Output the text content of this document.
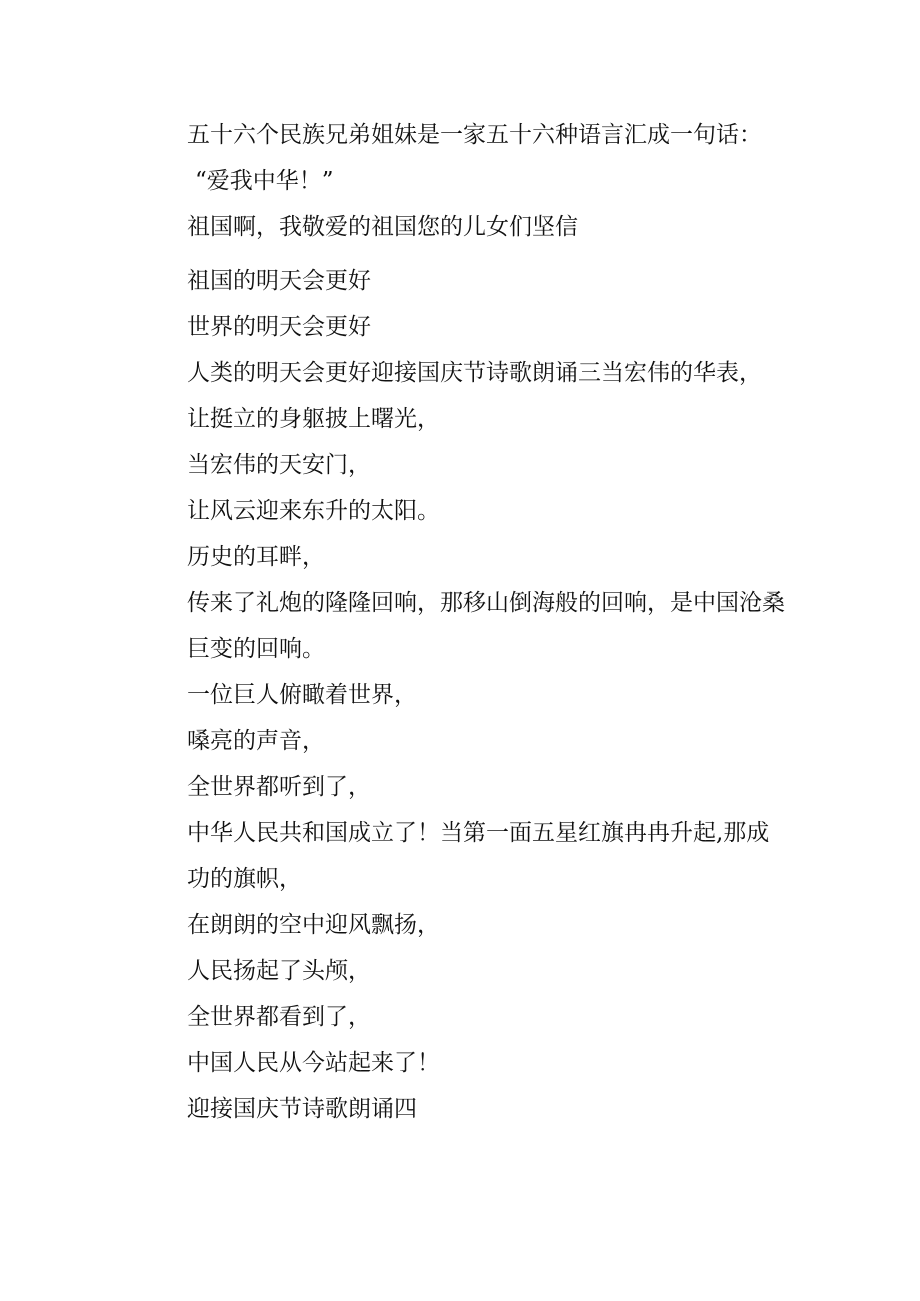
五十六个民族兄弟姐妹是一家五十六种语言汇成一句话：

“爱我中华！”

祖国啊，我敬爱的祖国您的儿女们坚信

祖国的明天会更好

世界的明天会更好

人类的明天会更好迎接国庆节诗歌朗诵三当宏伟的华表，

让挺立的身躯披上曙光，

当宏伟的天安门，

让风云迎来东升的太阳。

历史的耳畔，

传来了礼炮的隆隆回响，那移山倒海般的回响，是中国沧桑

巨变的回响。

一位巨人俯瞰着世界，

嗓亮的声音，

全世界都听到了，

中华人民共和国成立了！当第一面五星红旗冉冉升起,那成

功的旗帜，

在朗朗的空中迎风飘扬，

人民扬起了头颅，

全世界都看到了，

中国人民从今站起来了！

迎接国庆节诗歌朗诵四
